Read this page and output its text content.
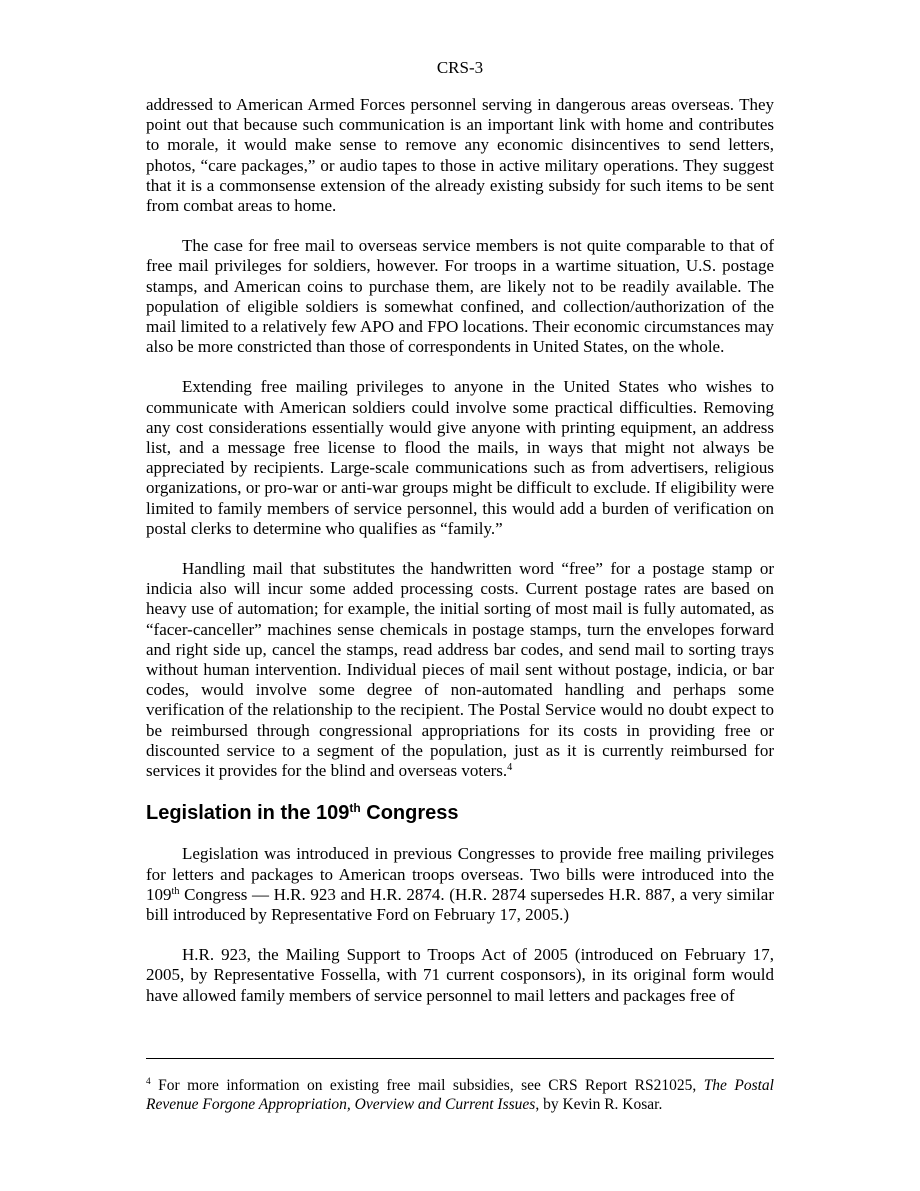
CRS-3

addressed to American Armed Forces personnel serving in dangerous areas overseas. They point out that because such communication is an important link with home and contributes to morale, it would make sense to remove any economic disincentives to send letters, photos, “care packages,” or audio tapes to those in active military operations. They suggest that it is a commonsense extension of the already existing subsidy for such items to be sent from combat areas to home.

The case for free mail to overseas service members is not quite comparable to that of free mail privileges for soldiers, however. For troops in a wartime situation, U.S. postage stamps, and American coins to purchase them, are likely not to be readily available. The population of eligible soldiers is somewhat confined, and collection/authorization of the mail limited to a relatively few APO and FPO locations. Their economic circumstances may also be more constricted than those of correspondents in United States, on the whole.

Extending free mailing privileges to anyone in the United States who wishes to communicate with American soldiers could involve some practical difficulties. Removing any cost considerations essentially would give anyone with printing equipment, an address list, and a message free license to flood the mails, in ways that might not always be appreciated by recipients. Large-scale communications such as from advertisers, religious organizations, or pro-war or anti-war groups might be difficult to exclude. If eligibility were limited to family members of service personnel, this would add a burden of verification on postal clerks to determine who qualifies as “family.”

Handling mail that substitutes the handwritten word “free” for a postage stamp or indicia also will incur some added processing costs. Current postage rates are based on heavy use of automation; for example, the initial sorting of most mail is fully automated, as “facer-canceller” machines sense chemicals in postage stamps, turn the envelopes forward and right side up, cancel the stamps, read address bar codes, and send mail to sorting trays without human intervention. Individual pieces of mail sent without postage, indicia, or bar codes, would involve some degree of non-automated handling and perhaps some verification of the relationship to the recipient. The Postal Service would no doubt expect to be reimbursed through congressional appropriations for its costs in providing free or discounted service to a segment of the population, just as it is currently reimbursed for services it provides for the blind and overseas voters.$^4$

Legislation in the 109th Congress

Legislation was introduced in previous Congresses to provide free mailing privileges for letters and packages to American troops overseas. Two bills were introduced into the 109th Congress — H.R. 923 and H.R. 2874. (H.R. 2874 supersedes H.R. 887, a very similar bill introduced by Representative Ford on February 17, 2005.)

H.R. 923, the Mailing Support to Troops Act of 2005 (introduced on February 17, 2005, by Representative Fossella, with 71 current cosponsors), in its original form would have allowed family members of service personnel to mail letters and packages free of

$^4$ For more information on existing free mail subsidies, see CRS Report RS21025, The Postal Revenue Forgone Appropriation, Overview and Current Issues, by Kevin R. Kosar.
